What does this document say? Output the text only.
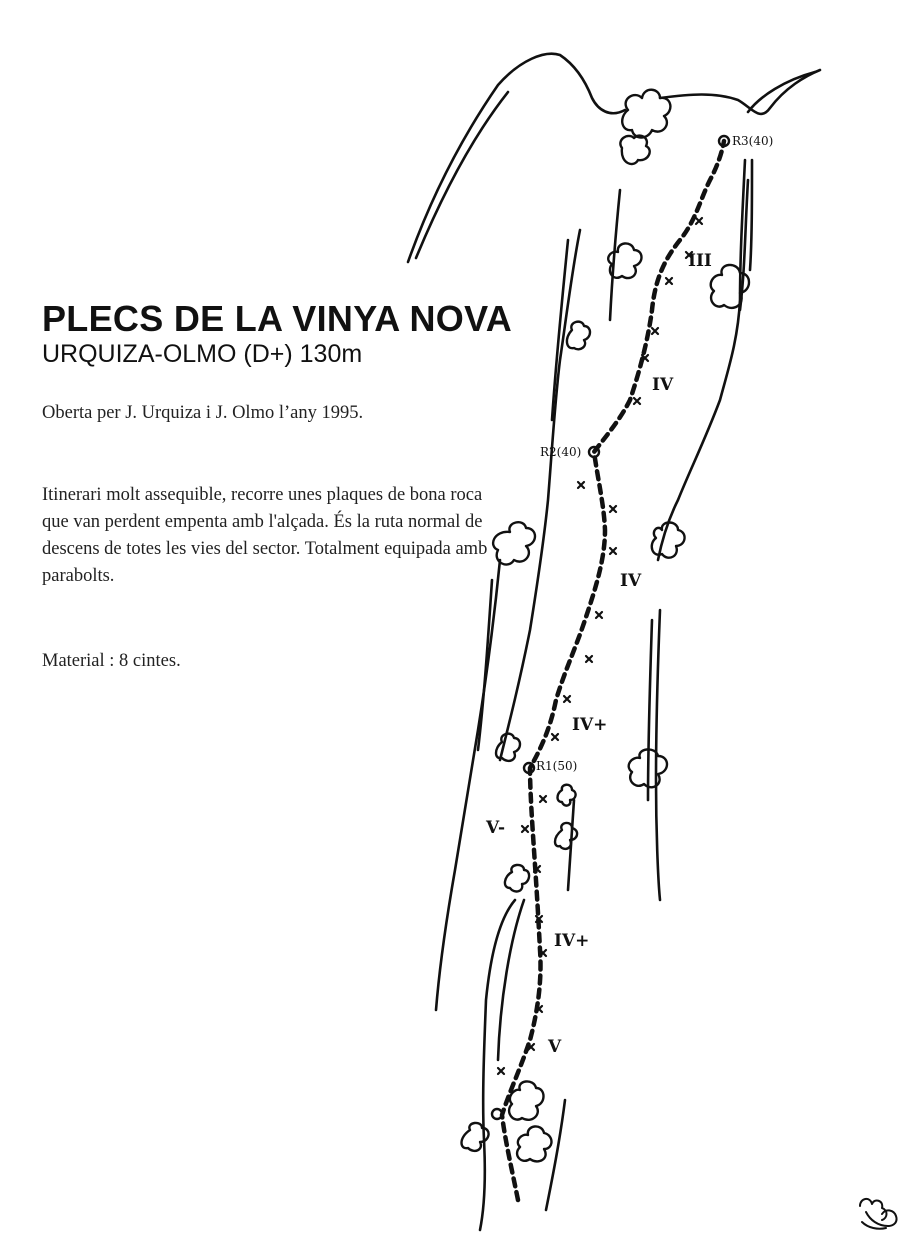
R3(40)
R2(40)
R1(50)
III
IV
IV
IV+
V-
IV+
V
PLECS DE LA VINYA NOVA
URQUIZA-OLMO (D+) 130m
Oberta per J. Urquiza i J. Olmo l’any 1995.
Itinerari molt assequible, recorre unes plaques de bona roca que van perdent empenta amb l'alçada. És la ruta normal de descens de totes les vies del sector. Totalment equipada amb parabolts.
Material : 8 cintes.
